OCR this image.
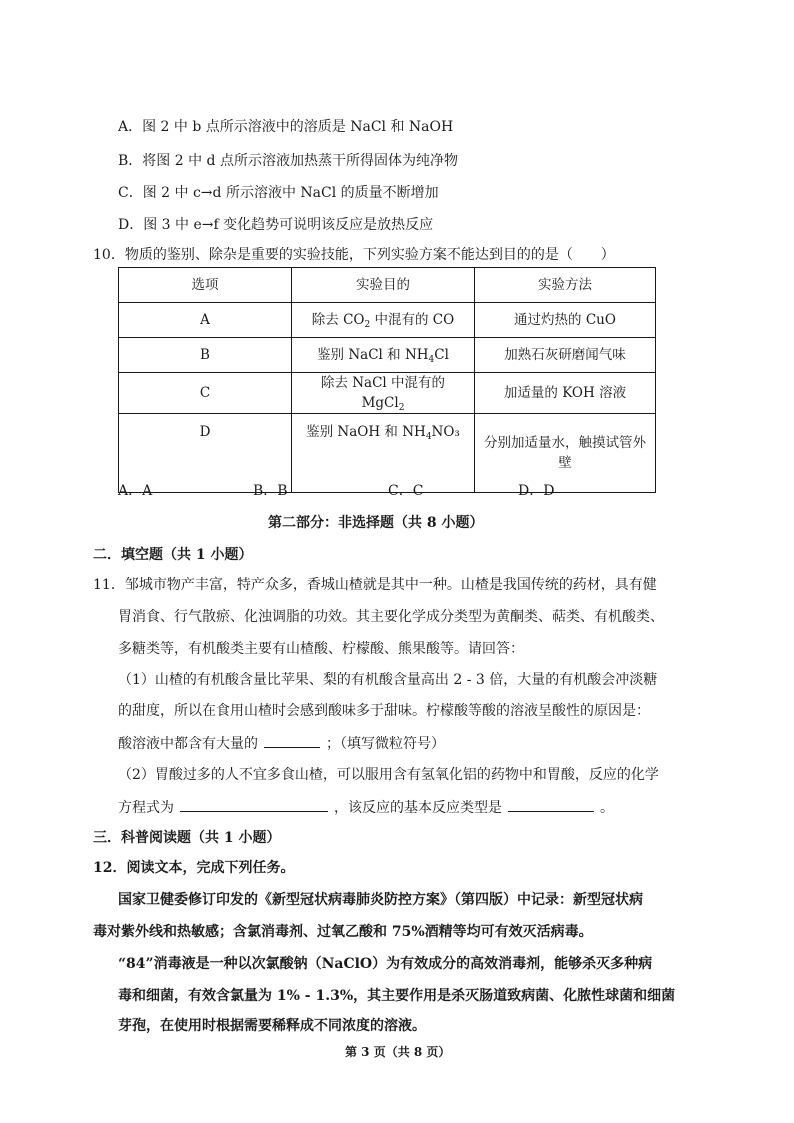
A．图 2 中 b 点所示溶液中的溶质是 NaCl 和 NaOH
B．将图 2 中 d 点所示溶液加热蒸干所得固体为纯净物
C．图 2 中 c→d 所示溶液中 NaCl 的质量不断增加
D．图 3 中 e→f 变化趋势可说明该反应是放热反应
10．物质的鉴别、除杂是重要的实验技能，下列实验方案不能达到目的的是（　　）
选项	实验目的	实验方法
A	除去 $CO_2$ 中混有的 CO	通过灼热的 CuO
B	鉴别 NaCl 和 $NH_4Cl$	加熟石灰研磨闻气味
C	除去 NaCl 中混有的 MgCl$_2$	加适量的 KOH 溶液
D	鉴别 NaOH 和 $NH_4NO_3$	分别加适量水，触摸试管外壁
A．A	B．B	C．C	D．D
第二部分：非选择题（共 8 小题）
二．填空题（共 1 小题）
11．邹城市物产丰富，特产众多，香城山楂就是其中一种。山楂是我国传统的药材，具有健
胃消食、行气散瘀、化浊调脂的功效。其主要化学成分类型为黄酮类、萜类、有机酸类、
多糖类等，有机酸类主要有山楂酸、柠檬酸、熊果酸等。请回答：
（1）山楂的有机酸含量比苹果、梨的有机酸含量高出 2 - 3 倍，大量的有机酸会冲淡糖
的甜度，所以在食用山楂时会感到酸味多于甜味。柠檬酸等酸的溶液呈酸性的原因是：
酸溶液中都含有大量的	；（填写微粒符号）
（2）胃酸过多的人不宜多食山楂，可以服用含有氢氧化铝的药物中和胃酸，反应的化学
方程式为	，该反应的基本反应类型是	。
三．科普阅读题（共 1 小题）
12．阅读文本，完成下列任务。
国家卫健委修订印发的《新型冠状病毒肺炎防控方案》（第四版）中记录：新型冠状病
毒对紫外线和热敏感；含氯消毒剂、过氧乙酸和 75%酒精等均可有效灭活病毒。
“84”消毒液是一种以次氯酸钠（NaClO）为有效成分的高效消毒剂，能够杀灭多种病
毒和细菌，有效含氯量为 1% - 1.3%，其主要作用是杀灭肠道致病菌、化脓性球菌和细菌
芽孢，在使用时根据需要稀释成不同浓度的溶液。
第 3 页（共 8 页）
